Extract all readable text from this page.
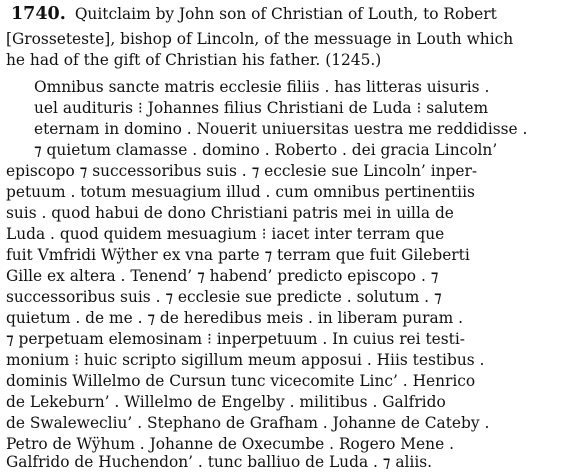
1740. Quitclaim by John son of Christian of Louth, to Robert
[Grosseteste], bishop of Lincoln, of the messuage in Louth which
he had of the gift of Christian his father. (1245.)
Omnibus sancte matris ecclesie filiis . has litteras uisuris .
uel audituris ⁝ Johannes filius Christiani de Luda ⁝ salutem
eternam in domino . Nouerit uniuersitas uestra me reddidisse .
⁊ quietum clamasse . domino . Roberto . dei gracia Lincoln’
episcopo ⁊ successoribus suis . ⁊ ecclesie sue Lincoln’ inper-
petuum . totum mesuagium illud . cum omnibus pertinentiis
suis . quod habui de dono Christiani patris mei in uilla de
Luda . quod quidem mesuagium ⁝ iacet inter terram que
fuit Vmfridi Wÿther ex vna parte ⁊ terram que fuit Gileberti
Gille ex altera . Tenend’ ⁊ habend’ predicto episcopo . ⁊
successoribus suis . ⁊ ecclesie sue predicte . solutum . ⁊
quietum . de me . ⁊ de heredibus meis . in liberam puram .
⁊ perpetuam elemosinam ⁝ inperpetuum . In cuius rei testi-
monium ⁝ huic scripto sigillum meum apposui . Hiis testibus .
dominis Willelmo de Cursun tunc vicecomite Linc’ . Henrico
de Lekeburn’ . Willelmo de Engelby . militibus . Galfrido
de Swalewecliu’ . Stephano de Grafham . Johanne de Cateby .
Petro de Wÿhum . Johanne de Oxecumbe . Rogero Mene .
Galfrido de Huchendon’ . tunc balliuo de Luda . ⁊ aliis.
